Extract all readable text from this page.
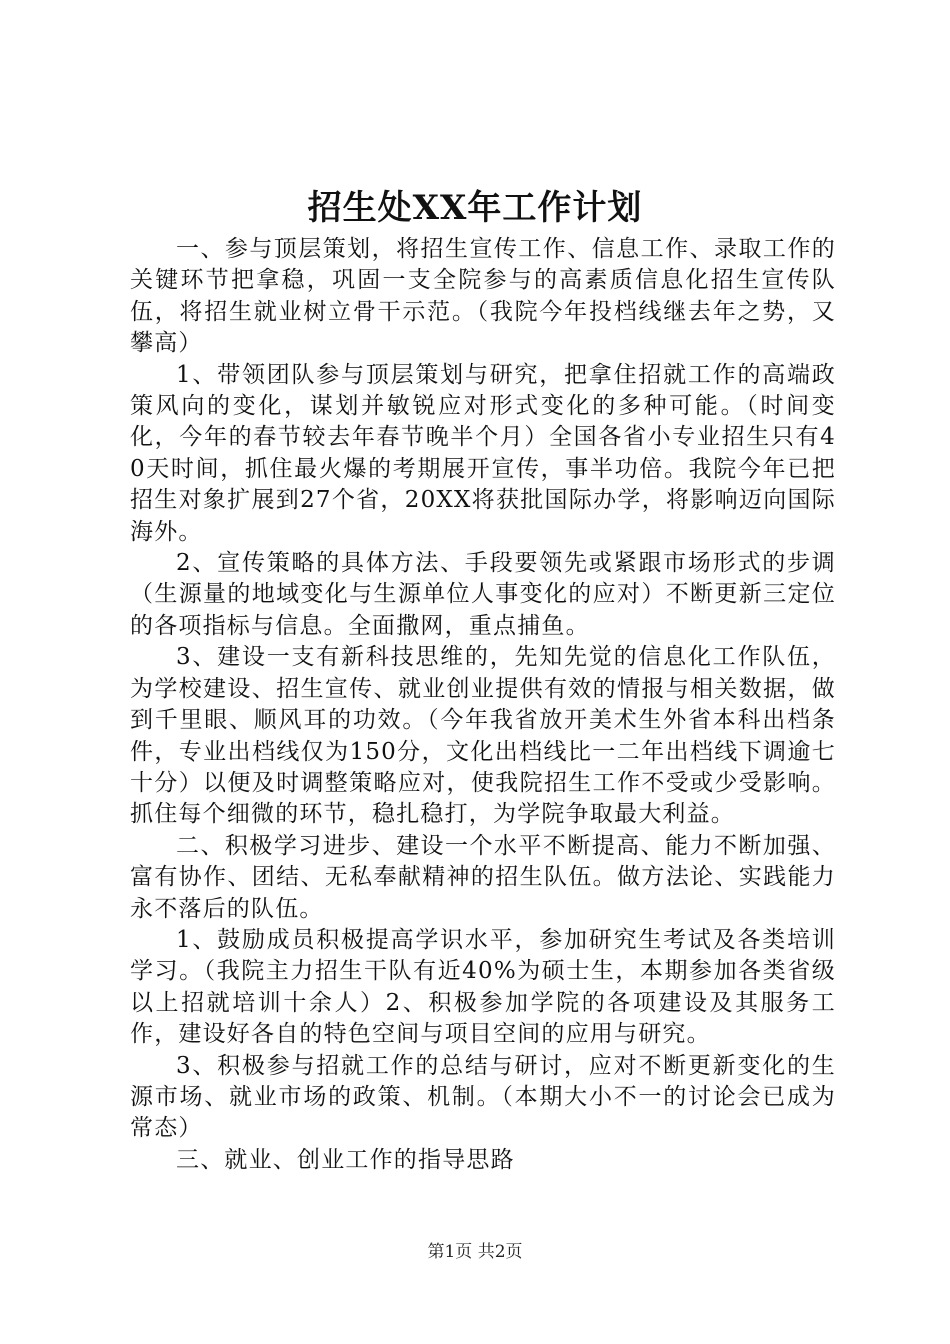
招生处XX年工作计划

一、参与顶层策划，将招生宣传工作、信息工作、录取工作的关键环节把拿稳，巩固一支全院参与的高素质信息化招生宣传队伍，将招生就业树立骨干示范。（我院今年投档线继去年之势，又攀高）

1、带领团队参与顶层策划与研究，把拿住招就工作的高端政策风向的变化，谋划并敏锐应对形式变化的多种可能。（时间变化，今年的春节较去年春节晚半个月）全国各省小专业招生只有40天时间，抓住最火爆的考期展开宣传，事半功倍。我院今年已把招生对象扩展到27个省，20XX将获批国际办学，将影响迈向国际海外。

2、宣传策略的具体方法、手段要领先或紧跟市场形式的步调（生源量的地域变化与生源单位人事变化的应对）不断更新三定位的各项指标与信息。全面撒网，重点捕鱼。

3、建设一支有新科技思维的，先知先觉的信息化工作队伍，为学校建设、招生宣传、就业创业提供有效的情报与相关数据，做到千里眼、顺风耳的功效。（今年我省放开美术生外省本科出档条件，专业出档线仅为150分，文化出档线比一二年出档线下调逾七十分）以便及时调整策略应对，使我院招生工作不受或少受影响。抓住每个细微的环节，稳扎稳打，为学院争取最大利益。

二、积极学习进步、建设一个水平不断提高、能力不断加强、富有协作、团结、无私奉献精神的招生队伍。做方法论、实践能力永不落后的队伍。

1、鼓励成员积极提高学识水平，参加研究生考试及各类培训学习。（我院主力招生干队有近40%为硕士生，本期参加各类省级以上招就培训十余人）2、积极参加学院的各项建设及其服务工作，建设好各自的特色空间与项目空间的应用与研究。

3、积极参与招就工作的总结与研讨，应对不断更新变化的生源市场、就业市场的政策、机制。（本期大小不一的讨论会已成为常态）

三、就业、创业工作的指导思路

第1页 共2页
